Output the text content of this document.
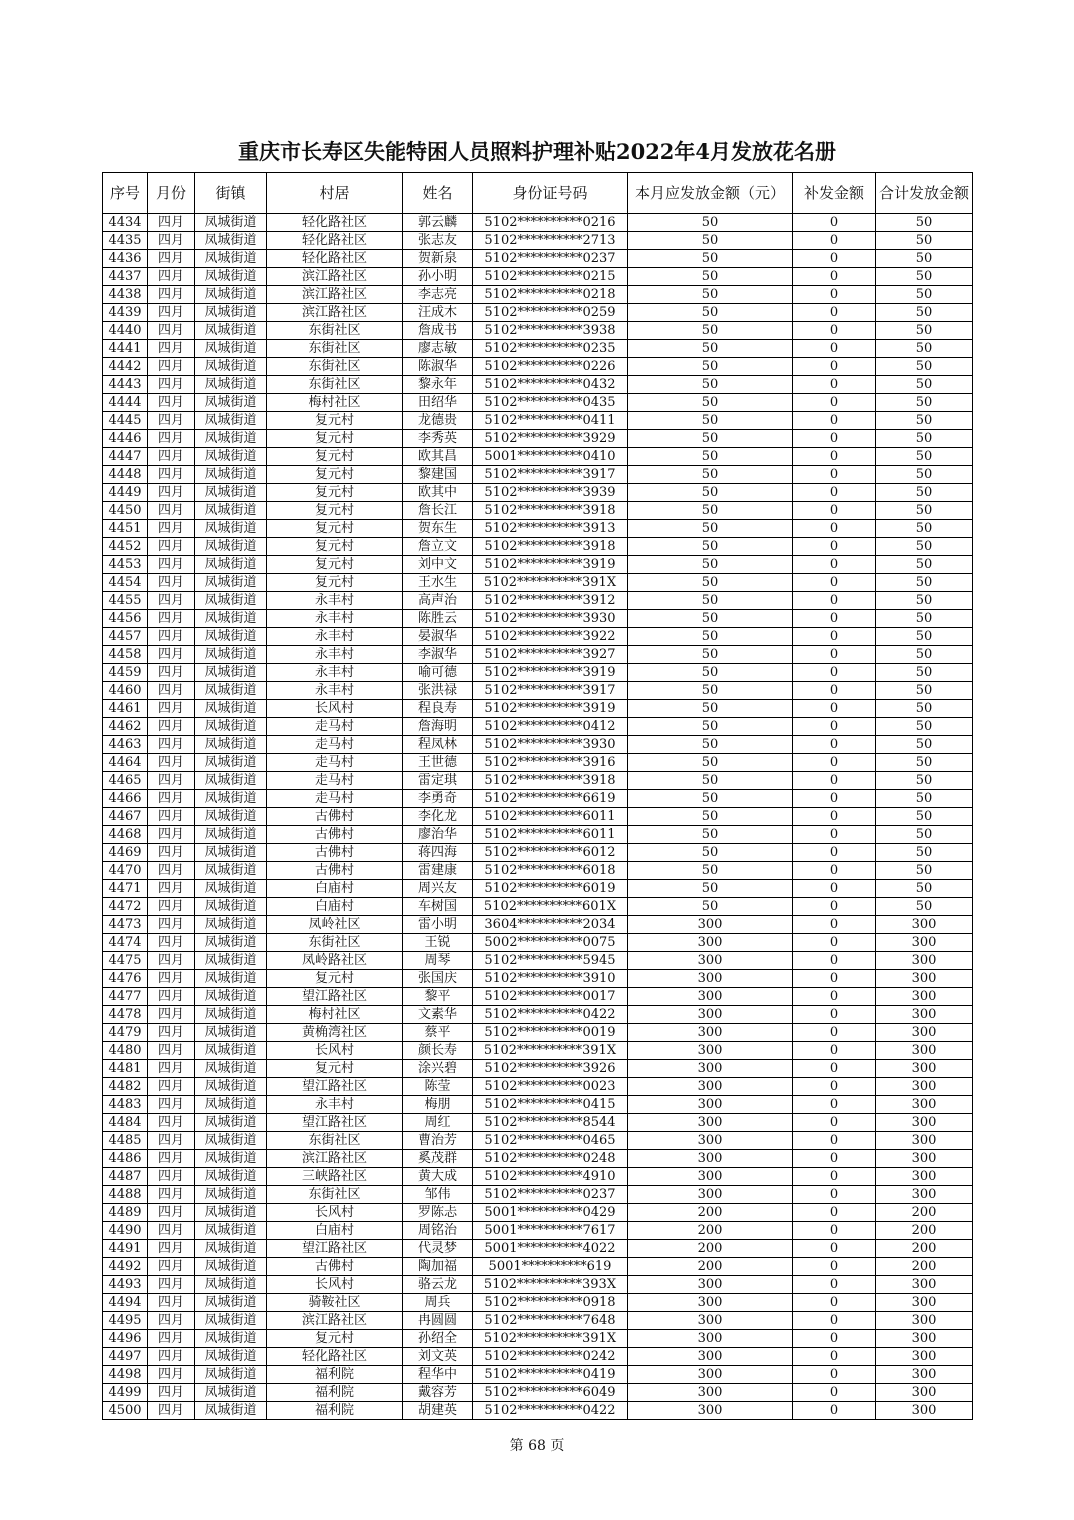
重庆市长寿区失能特困人员照料护理补贴2022年4月发放花名册
序号	月份	街镇	村居	姓名	身份证号码	本月应发放金额（元）	补发金额	合计发放金额
4434	四月	凤城街道	轻化路社区	郭云麟	5102**********0216	50	0	50
4435	四月	凤城街道	轻化路社区	张志友	5102**********2713	50	0	50
4436	四月	凤城街道	轻化路社区	贺新泉	5102**********0237	50	0	50
4437	四月	凤城街道	滨江路社区	孙小明	5102**********0215	50	0	50
4438	四月	凤城街道	滨江路社区	李志亮	5102**********0218	50	0	50
4439	四月	凤城街道	滨江路社区	汪成木	5102**********0259	50	0	50
4440	四月	凤城街道	东街社区	詹成书	5102**********3938	50	0	50
4441	四月	凤城街道	东街社区	廖志敏	5102**********0235	50	0	50
4442	四月	凤城街道	东街社区	陈淑华	5102**********0226	50	0	50
4443	四月	凤城街道	东街社区	黎永年	5102**********0432	50	0	50
4444	四月	凤城街道	梅村社区	田绍华	5102**********0435	50	0	50
4445	四月	凤城街道	复元村	龙德贵	5102**********0411	50	0	50
4446	四月	凤城街道	复元村	李秀英	5102**********3929	50	0	50
4447	四月	凤城街道	复元村	欧其昌	5001**********0410	50	0	50
4448	四月	凤城街道	复元村	黎建国	5102**********3917	50	0	50
4449	四月	凤城街道	复元村	欧其中	5102**********3939	50	0	50
4450	四月	凤城街道	复元村	詹长江	5102**********3918	50	0	50
4451	四月	凤城街道	复元村	贺东生	5102**********3913	50	0	50
4452	四月	凤城街道	复元村	詹立文	5102**********3918	50	0	50
4453	四月	凤城街道	复元村	刘中文	5102**********3919	50	0	50
4454	四月	凤城街道	复元村	王水生	5102**********391X	50	0	50
4455	四月	凤城街道	永丰村	高声治	5102**********3912	50	0	50
4456	四月	凤城街道	永丰村	陈胜云	5102**********3930	50	0	50
4457	四月	凤城街道	永丰村	晏淑华	5102**********3922	50	0	50
4458	四月	凤城街道	永丰村	李淑华	5102**********3927	50	0	50
4459	四月	凤城街道	永丰村	喻可德	5102**********3919	50	0	50
4460	四月	凤城街道	永丰村	张洪禄	5102**********3917	50	0	50
4461	四月	凤城街道	长风村	程良寿	5102**********3919	50	0	50
4462	四月	凤城街道	走马村	詹海明	5102**********0412	50	0	50
4463	四月	凤城街道	走马村	程凤林	5102**********3930	50	0	50
4464	四月	凤城街道	走马村	王世德	5102**********3916	50	0	50
4465	四月	凤城街道	走马村	雷定琪	5102**********3918	50	0	50
4466	四月	凤城街道	走马村	李勇奇	5102**********6619	50	0	50
4467	四月	凤城街道	古佛村	李化龙	5102**********6011	50	0	50
4468	四月	凤城街道	古佛村	廖治华	5102**********6011	50	0	50
4469	四月	凤城街道	古佛村	蒋四海	5102**********6012	50	0	50
4470	四月	凤城街道	古佛村	雷建康	5102**********6018	50	0	50
4471	四月	凤城街道	白庙村	周兴友	5102**********6019	50	0	50
4472	四月	凤城街道	白庙村	车树国	5102**********601X	50	0	50
4473	四月	凤城街道	凤岭社区	雷小明	3604**********2034	300	0	300
4474	四月	凤城街道	东街社区	王锐	5002**********0075	300	0	300
4475	四月	凤城街道	凤岭路社区	周琴	5102**********5945	300	0	300
4476	四月	凤城街道	复元村	张国庆	5102**********3910	300	0	300
4477	四月	凤城街道	望江路社区	黎平	5102**********0017	300	0	300
4478	四月	凤城街道	梅村社区	文素华	5102**********0422	300	0	300
4479	四月	凤城街道	黄桷湾社区	蔡平	5102**********0019	300	0	300
4480	四月	凤城街道	长风村	颜长寿	5102**********391X	300	0	300
4481	四月	凤城街道	复元村	涂兴碧	5102**********3926	300	0	300
4482	四月	凤城街道	望江路社区	陈莹	5102**********0023	300	0	300
4483	四月	凤城街道	永丰村	梅朋	5102**********0415	300	0	300
4484	四月	凤城街道	望江路社区	周红	5102**********8544	300	0	300
4485	四月	凤城街道	东街社区	曹治芳	5102**********0465	300	0	300
4486	四月	凤城街道	滨江路社区	奚茂群	5102**********0248	300	0	300
4487	四月	凤城街道	三峡路社区	黄大成	5102**********4910	300	0	300
4488	四月	凤城街道	东街社区	邹伟	5102**********0237	300	0	300
4489	四月	凤城街道	长风村	罗陈忐	5001**********0429	200	0	200
4490	四月	凤城街道	白庙村	周铭治	5001**********7617	200	0	200
4491	四月	凤城街道	望江路社区	代灵梦	5001**********4022	200	0	200
4492	四月	凤城街道	古佛村	陶加福	5001**********619	200	0	200
4493	四月	凤城街道	长风村	骆云龙	5102**********393X	300	0	300
4494	四月	凤城街道	骑鞍社区	周兵	5102**********0918	300	0	300
4495	四月	凤城街道	滨江路社区	冉圆圆	5102**********7648	300	0	300
4496	四月	凤城街道	复元村	孙绍全	5102**********391X	300	0	300
4497	四月	凤城街道	轻化路社区	刘文英	5102**********0242	300	0	300
4498	四月	凤城街道	福利院	程华中	5102**********0419	300	0	300
4499	四月	凤城街道	福利院	戴容芳	5102**********6049	300	0	300
4500	四月	凤城街道	福利院	胡建英	5102**********0422	300	0	300
第 68 页
